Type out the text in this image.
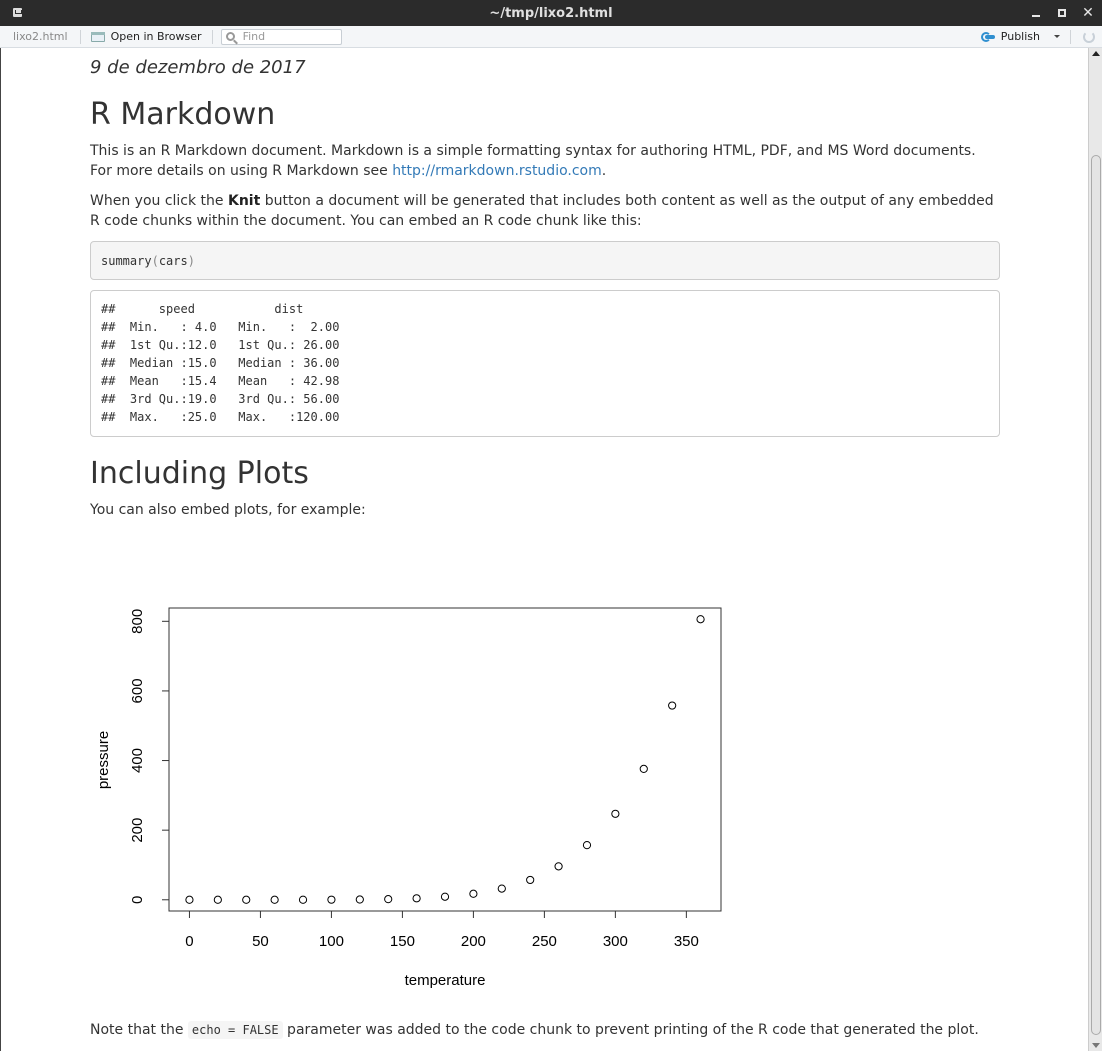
~/tmp/lixo2.html	✕
lixo2.html	Open in Browser	Find	Publish
9 de dezembro de 2017
R Markdown

This is an R Markdown document. Markdown is a simple formatting syntax for authoring HTML, PDF, and MS Word documents. For more details on using R Markdown see http://rmarkdown.rstudio.com.

When you click the Knit button a document will be generated that includes both content as well as the output of any embedded R code chunks within the document. You can embed an R code chunk like this:

summary(cars)
##      speed           dist
##  Min.   : 4.0   Min.   :  2.00
##  1st Qu.:12.0   1st Qu.: 26.00
##  Median :15.0   Median : 36.00
##  Mean   :15.4   Mean   : 42.98
##  3rd Qu.:19.0   3rd Qu.: 56.00
##  Max.   :25.0   Max.   :120.00
Including Plots

You can also embed plots, for example:

0	50	100	150	200	250	300	350
0
200
400
600
800
temperature
pressure

Note that the echo = FALSE parameter was added to the code chunk to prevent printing of the R code that generated the plot.
